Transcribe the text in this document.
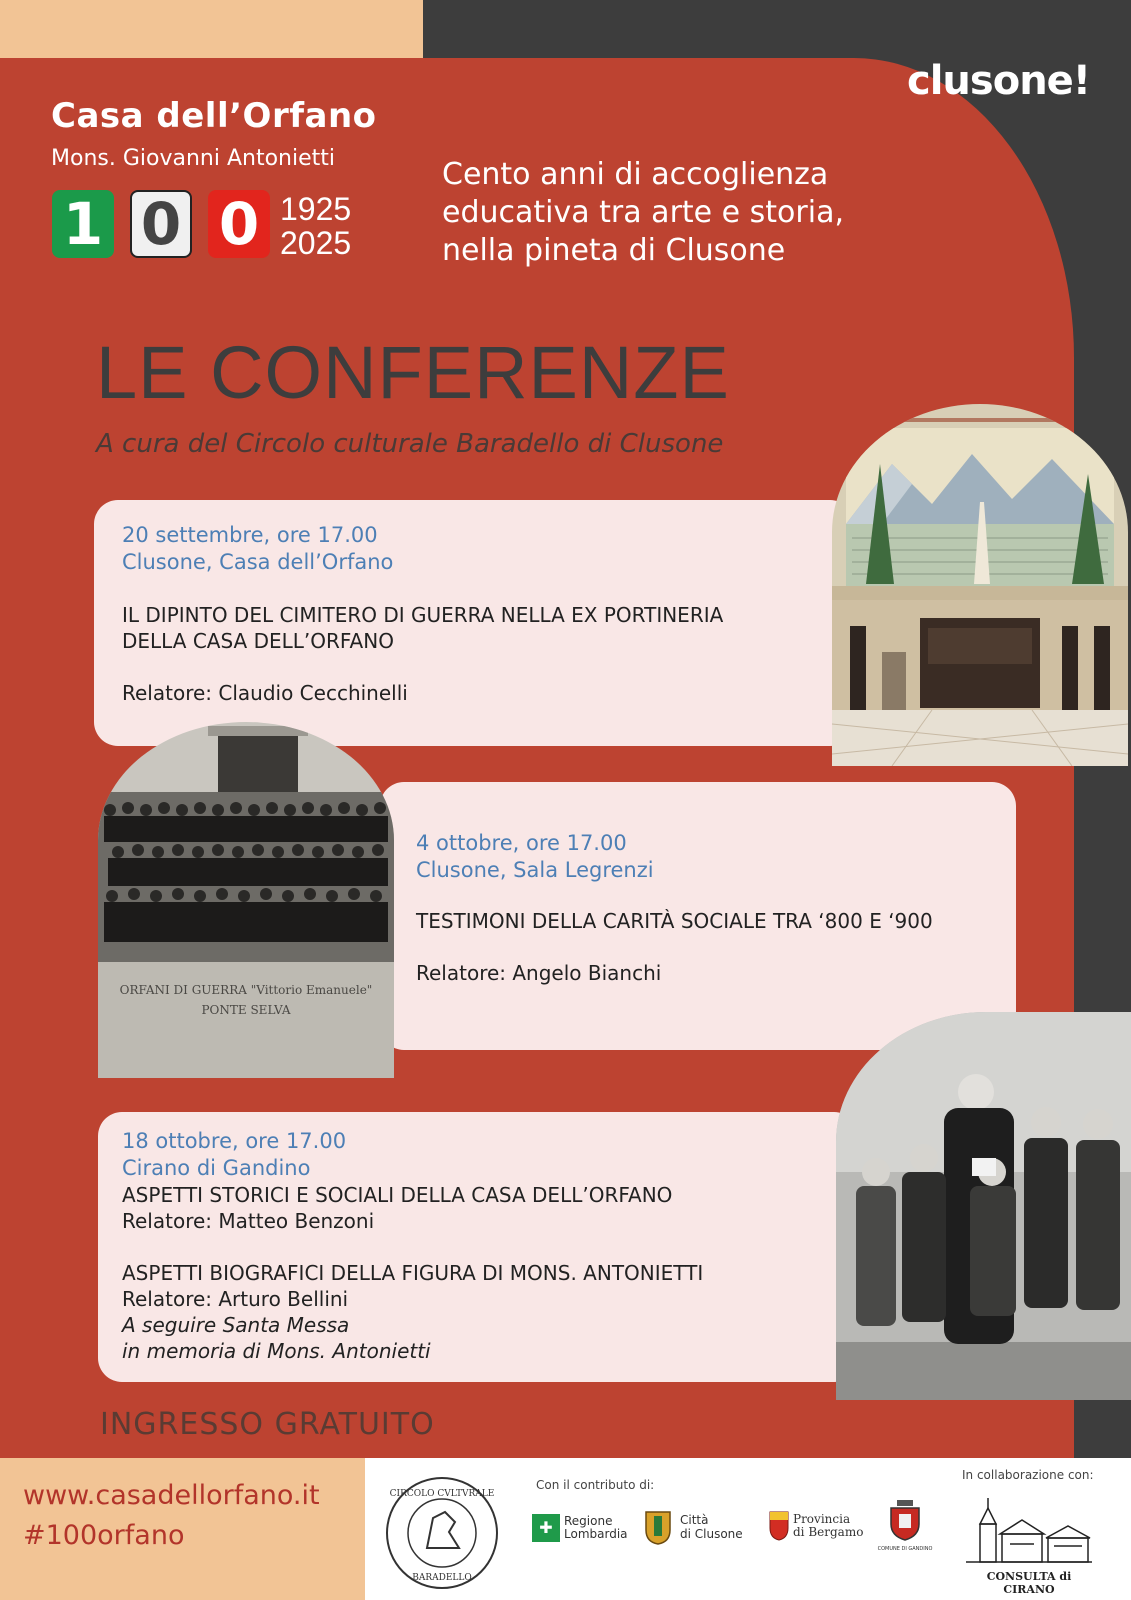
Casa dell’Orfano
Mons. Giovanni Antonietti
1 0 0 1925
2025
Cento anni di accoglienza
educativa tra arte e storia,
nella pineta di Clusone
clusone!
LE CONFERENZE
A cura del Circolo culturale Baradello di Clusone
20 settembre, ore 17.00
Clusone, Casa dell’Orfano
IL DIPINTO DEL CIMITERO DI GUERRA NELLA EX PORTINERIA
DELLA CASA DELL’ORFANO
Relatore: Claudio Cecchinelli
4 ottobre, ore 17.00
Clusone, Sala Legrenzi
TESTIMONI DELLA CARITÀ SOCIALE TRA ‘800 E ‘900
Relatore: Angelo Bianchi
ORFANI DI GUERRA "Vittorio Emanuele"
PONTE SELVA
18 ottobre, ore 17.00
Cirano di Gandino
ASPETTI STORICI E SOCIALI DELLA CASA DELL’ORFANO
Relatore: Matteo Benzoni
ASPETTI BIOGRAFICI DELLA FIGURA DI MONS. ANTONIETTI
Relatore: Arturo Bellini
A seguire Santa Messa
in memoria di Mons. Antonietti
INGRESSO GRATUITO
www.casadellorfano.it
#100orfano
CIRCOLO CVLTVRALE
BARADELLO
Con il contributo di:
✚ Regione
Lombardia
Città
di Clusone
Provincia
di Bergamo
COMUNE DI GANDINO
In collaborazione con:
CONSULTA di CIRANO
